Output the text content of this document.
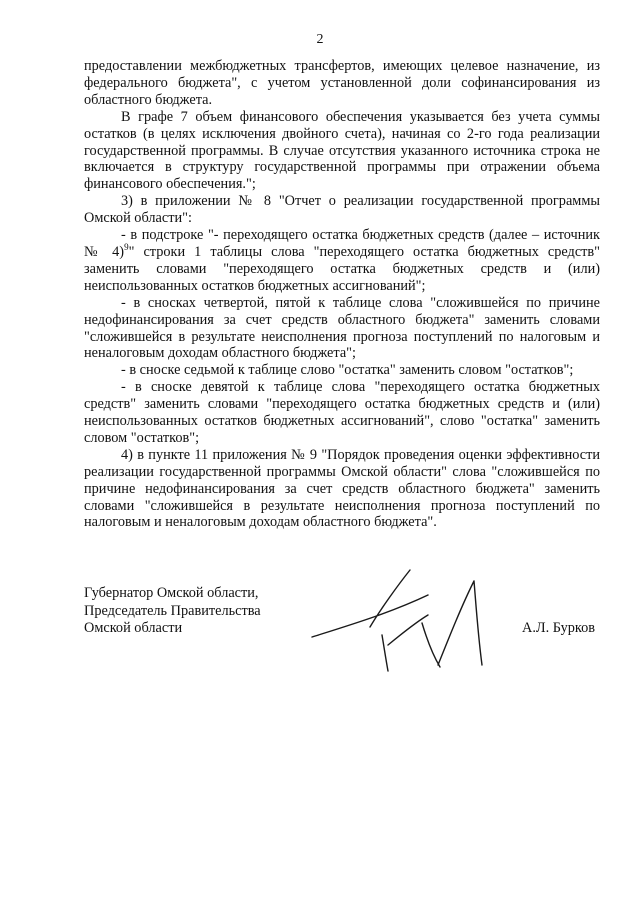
2

предоставлении межбюджетных трансфертов, имеющих целевое назначение, из федерального бюджета", с учетом установленной доли софинансирования из областного бюджета.

В графе 7 объем финансового обеспечения указывается без учета суммы остатков (в целях исключения двойного счета), начиная со 2-го года реализации государственной программы. В случае отсутствия указанного источника строка не включается в структуру государственной программы при отражении объема финансового обеспечения.";

3) в приложении № 8 "Отчет о реализации государственной программы Омской области":

- в подстроке "- переходящего остатка бюджетных средств (далее – источник № 4)$^9$" строки 1 таблицы слова "переходящего остатка бюджетных средств" заменить словами "переходящего остатка бюджетных средств и (или) неиспользованных остатков бюджетных ассигнований";

- в сносках четвертой, пятой к таблице слова "сложившейся по причине недофинансирования за счет средств областного бюджета" заменить словами "сложившейся в результате неисполнения прогноза поступлений по налоговым и неналоговым доходам областного бюджета";

- в сноске седьмой к таблице слово "остатка" заменить словом "остатков";

- в сноске девятой к таблице слова "переходящего остатка бюджетных средств" заменить словами "переходящего остатка бюджетных средств и (или) неиспользованных остатков бюджетных ассигнований", слово "остатка" заменить словом "остатков";

4) в пункте 11 приложения № 9 "Порядок проведения оценки эффективности реализации государственной программы Омской области" слова "сложившейся по причине недофинансирования за счет средств областного бюджета" заменить словами "сложившейся в результате неисполнения прогноза поступлений по налоговым и неналоговым доходам областного бюджета".

Губернатор Омской области,
Председатель Правительства
Омской области	А.Л. Бурков
